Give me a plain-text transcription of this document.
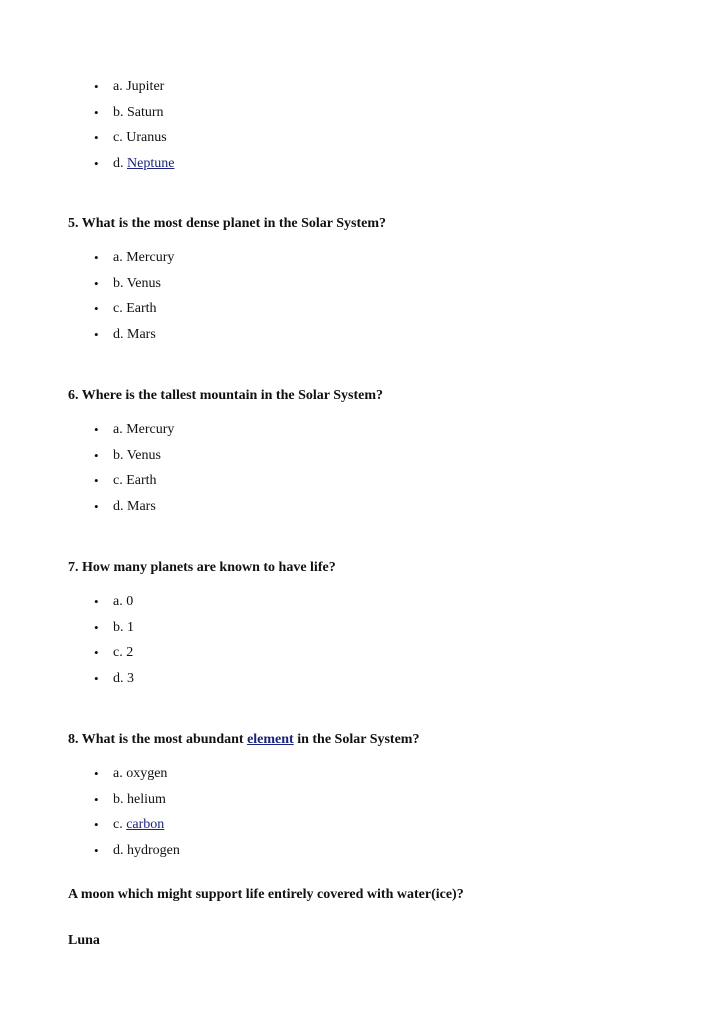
• a. Jupiter
• b. Saturn
• c. Uranus
• d. Neptune

5. What is the most dense planet in the Solar System?

• a. Mercury
• b. Venus
• c. Earth
• d. Mars

6. Where is the tallest mountain in the Solar System?

• a. Mercury
• b. Venus
• c. Earth
• d. Mars

7. How many planets are known to have life?

• a. 0
• b. 1
• c. 2
• d. 3

8. What is the most abundant element in the Solar System?

• a. oxygen
• b. helium
• c. carbon
• d. hydrogen

A moon which might support life entirely covered with water(ice)?

Luna
